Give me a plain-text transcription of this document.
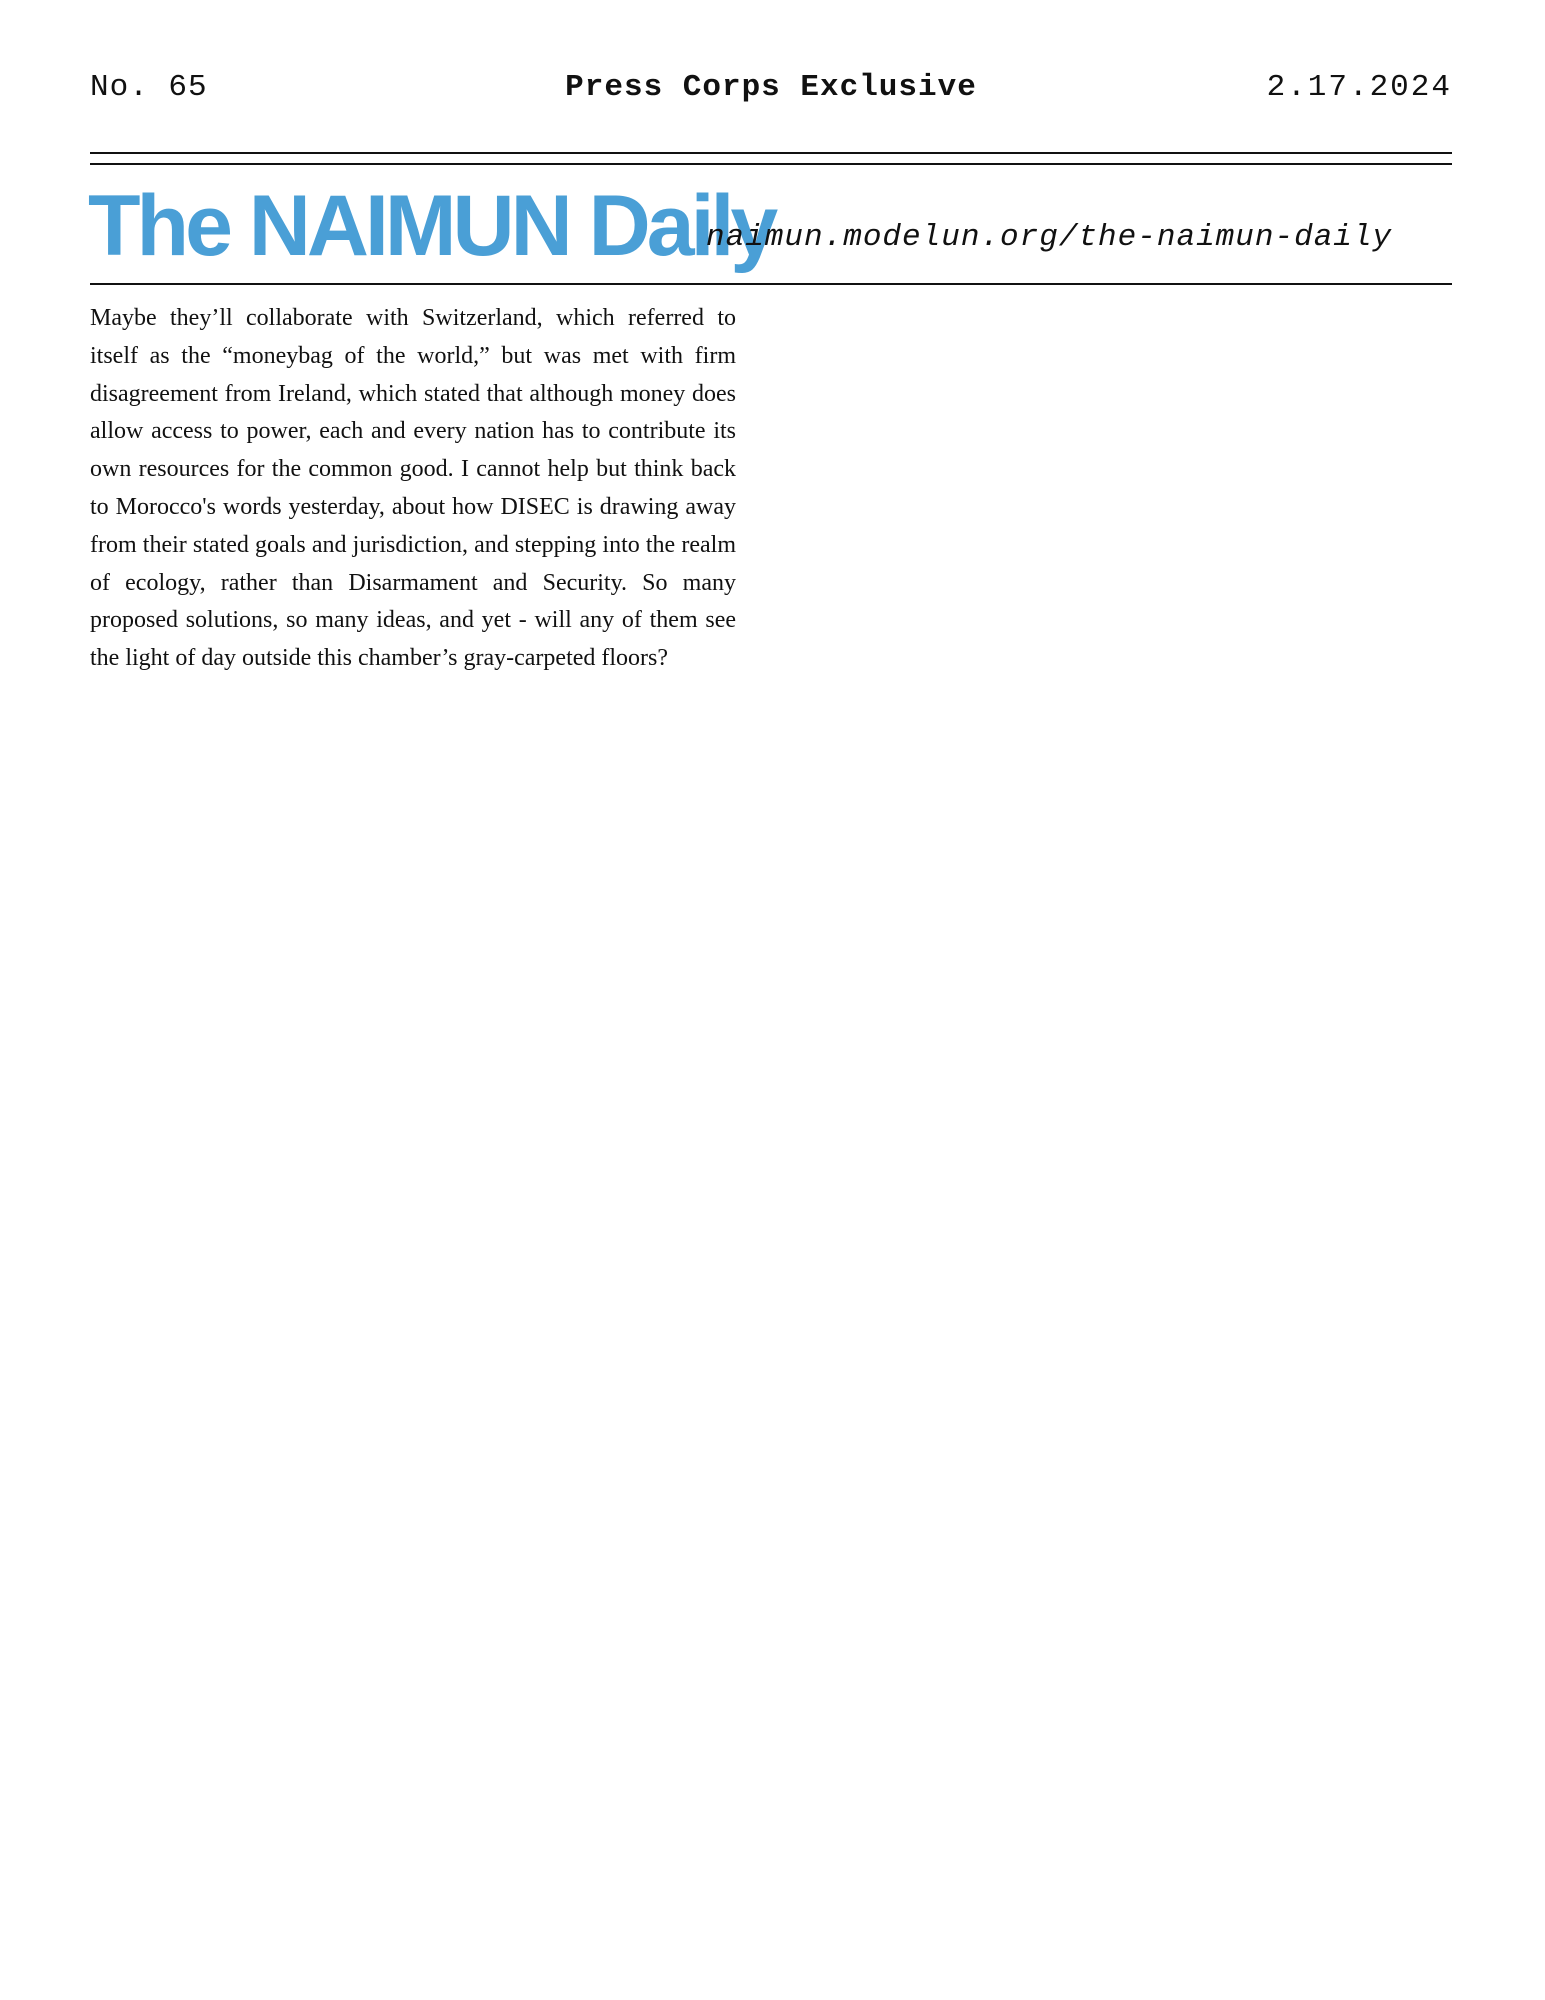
No. 65	Press Corps Exclusive	2.17.2024
The NAIMUN Daily
naimun.modelun.org/the-naimun-daily

Maybe they’ll collaborate with Switzerland, which referred to itself as the “moneybag of the world,” but was met with firm disagreement from Ireland, which stated that although money does allow access to power, each and every nation has to contribute its own resources for the common good. I cannot help but think back to Morocco's words yesterday, about how DISEC is drawing away from their stated goals and jurisdiction, and stepping into the realm of ecology, rather than Disarmament and Security. So many proposed solutions, so many ideas, and yet - will any of them see the light of day outside this chamber’s gray-carpeted floors?
